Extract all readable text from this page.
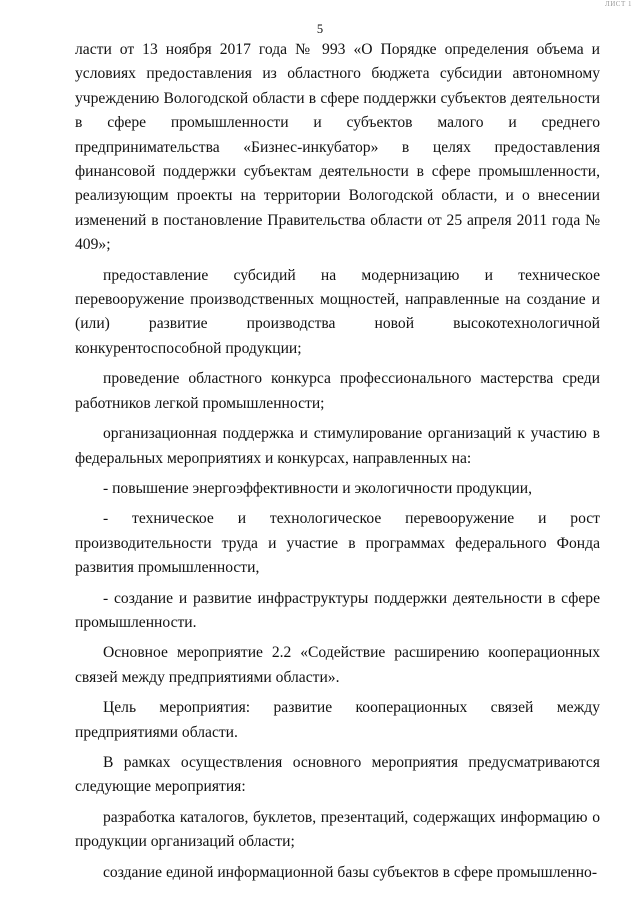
ЛИСТ 1
5

ласти от 13 ноября 2017 года № 993 «О Порядке определения объема и условиях предоставления из областного бюджета субсидии автономному учреждению Вологодской области в сфере поддержки субъектов деятельности в сфере промышленности и субъектов малого и среднего предпринимательства «Бизнес-инкубатор» в целях предоставления финансовой поддержки субъектам деятельности в сфере промышленности, реализующим проекты на территории Вологодской области, и о внесении изменений в постановление Правительства области от 25 апреля 2011 года № 409»;

предоставление субсидий на модернизацию и техническое перевооружение производственных мощностей, направленные на создание и (или) развитие производства новой высокотехнологичной конкурентоспособной продукции;

проведение областного конкурса профессионального мастерства среди работников легкой промышленности;

организационная поддержка и стимулирование организаций к участию в федеральных мероприятиях и конкурсах, направленных на:

- повышение энергоэффективности и экологичности продукции,

- техническое и технологическое перевооружение и рост производительности труда и участие в программах федерального Фонда развития промышленности,

- создание и развитие инфраструктуры поддержки деятельности в сфере промышленности.

Основное мероприятие 2.2 «Содействие расширению кооперационных связей между предприятиями области».

Цель мероприятия: развитие кооперационных связей между предприятиями области.

В рамках осуществления основного мероприятия предусматриваются следующие мероприятия:

разработка каталогов, буклетов, презентаций, содержащих информацию о продукции организаций области;

создание единой информационной базы субъектов в сфере промышленно-
